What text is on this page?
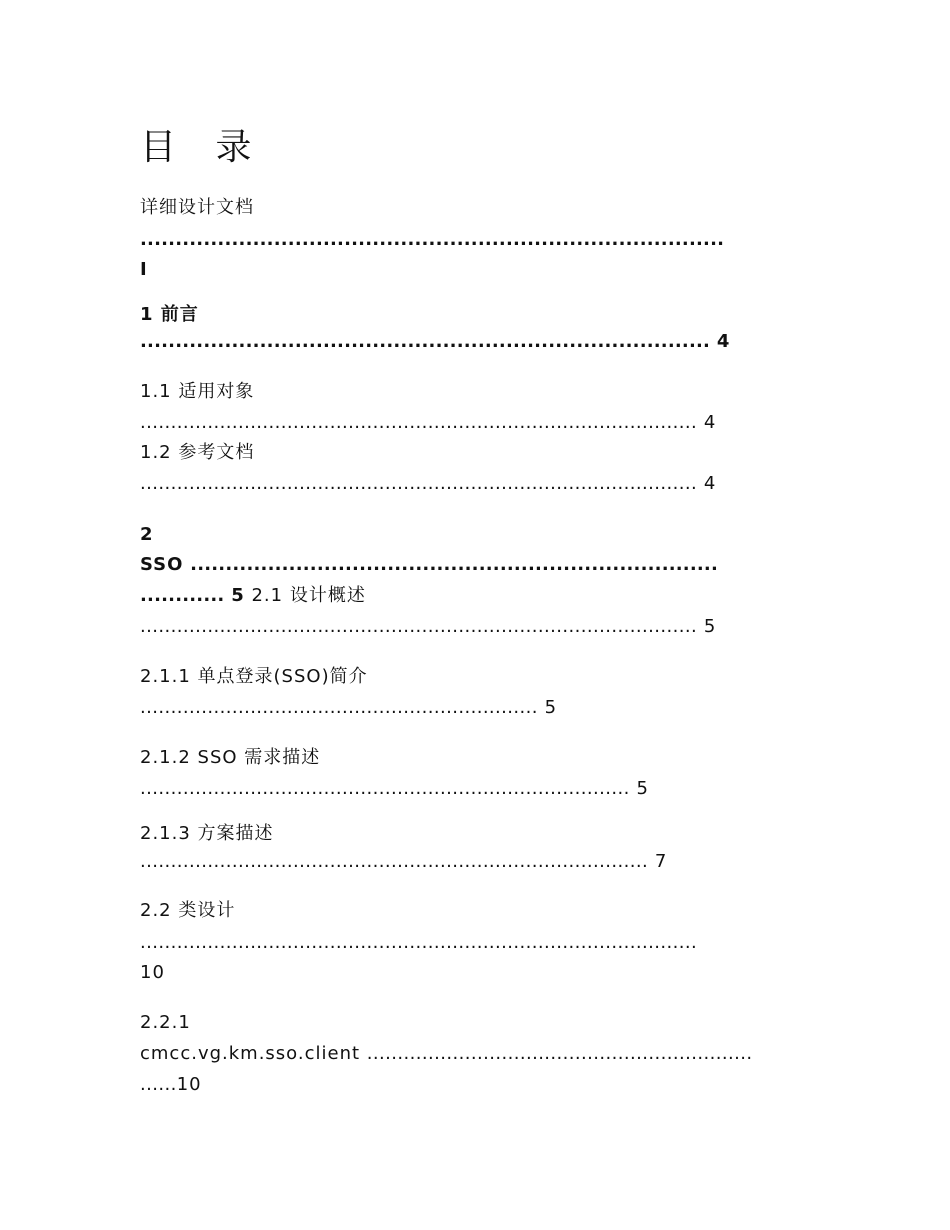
目 录
详细设计文档
...................................................................................
I
1 前言
................................................................................. 4
1.1 适用对象
........................................................................................... 4
1.2 参考文档
........................................................................................... 4
2
SSO ...........................................................................
............ 5 2.1 设计概述
........................................................................................... 5
2.1.1 单点登录(SSO)简介
................................................................. 5
2.1.2 SSO 需求描述
................................................................................ 5
2.1.3 方案描述
................................................................................... 7
2.2 类设计
...........................................................................................
10
2.2.1
cmcc.vg.km.sso.client ...............................................................
......10
